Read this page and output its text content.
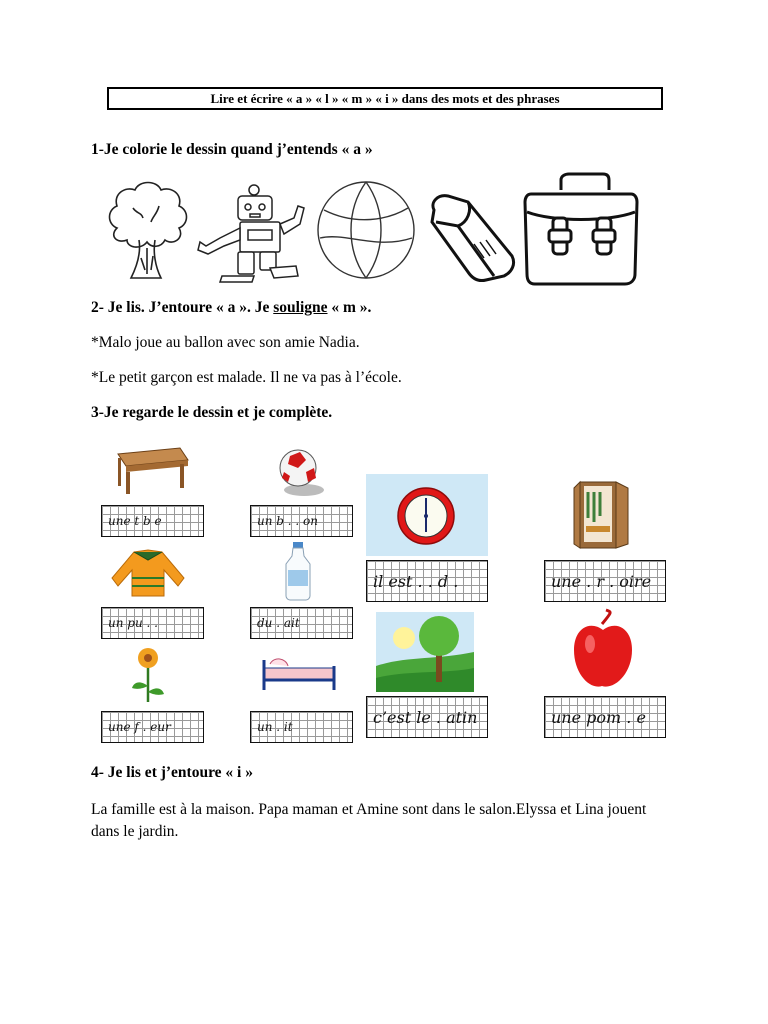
Lire et écrire « a » « l » « m » « i » dans des mots et des phrases
1-Je colorie le dessin quand j’entends « a »
2- Je lis. J’entoure « a ». Je souligne « m ».
*Malo joue au ballon avec son amie Nadia.
*Le petit garçon est malade. Il ne va pas à l’école.
3-Je regarde le dessin et je complète.
une t b e	un b . . on
il est . . d .	une . r . oire
un pu . .	du . ait
une f . eur	un . it
c’est le . atin	une pom . e
4- Je lis et j’entoure « i »
La famille est à la maison. Papa maman et Amine sont dans le salon.Elyssa et Lina jouent dans le jardin.
